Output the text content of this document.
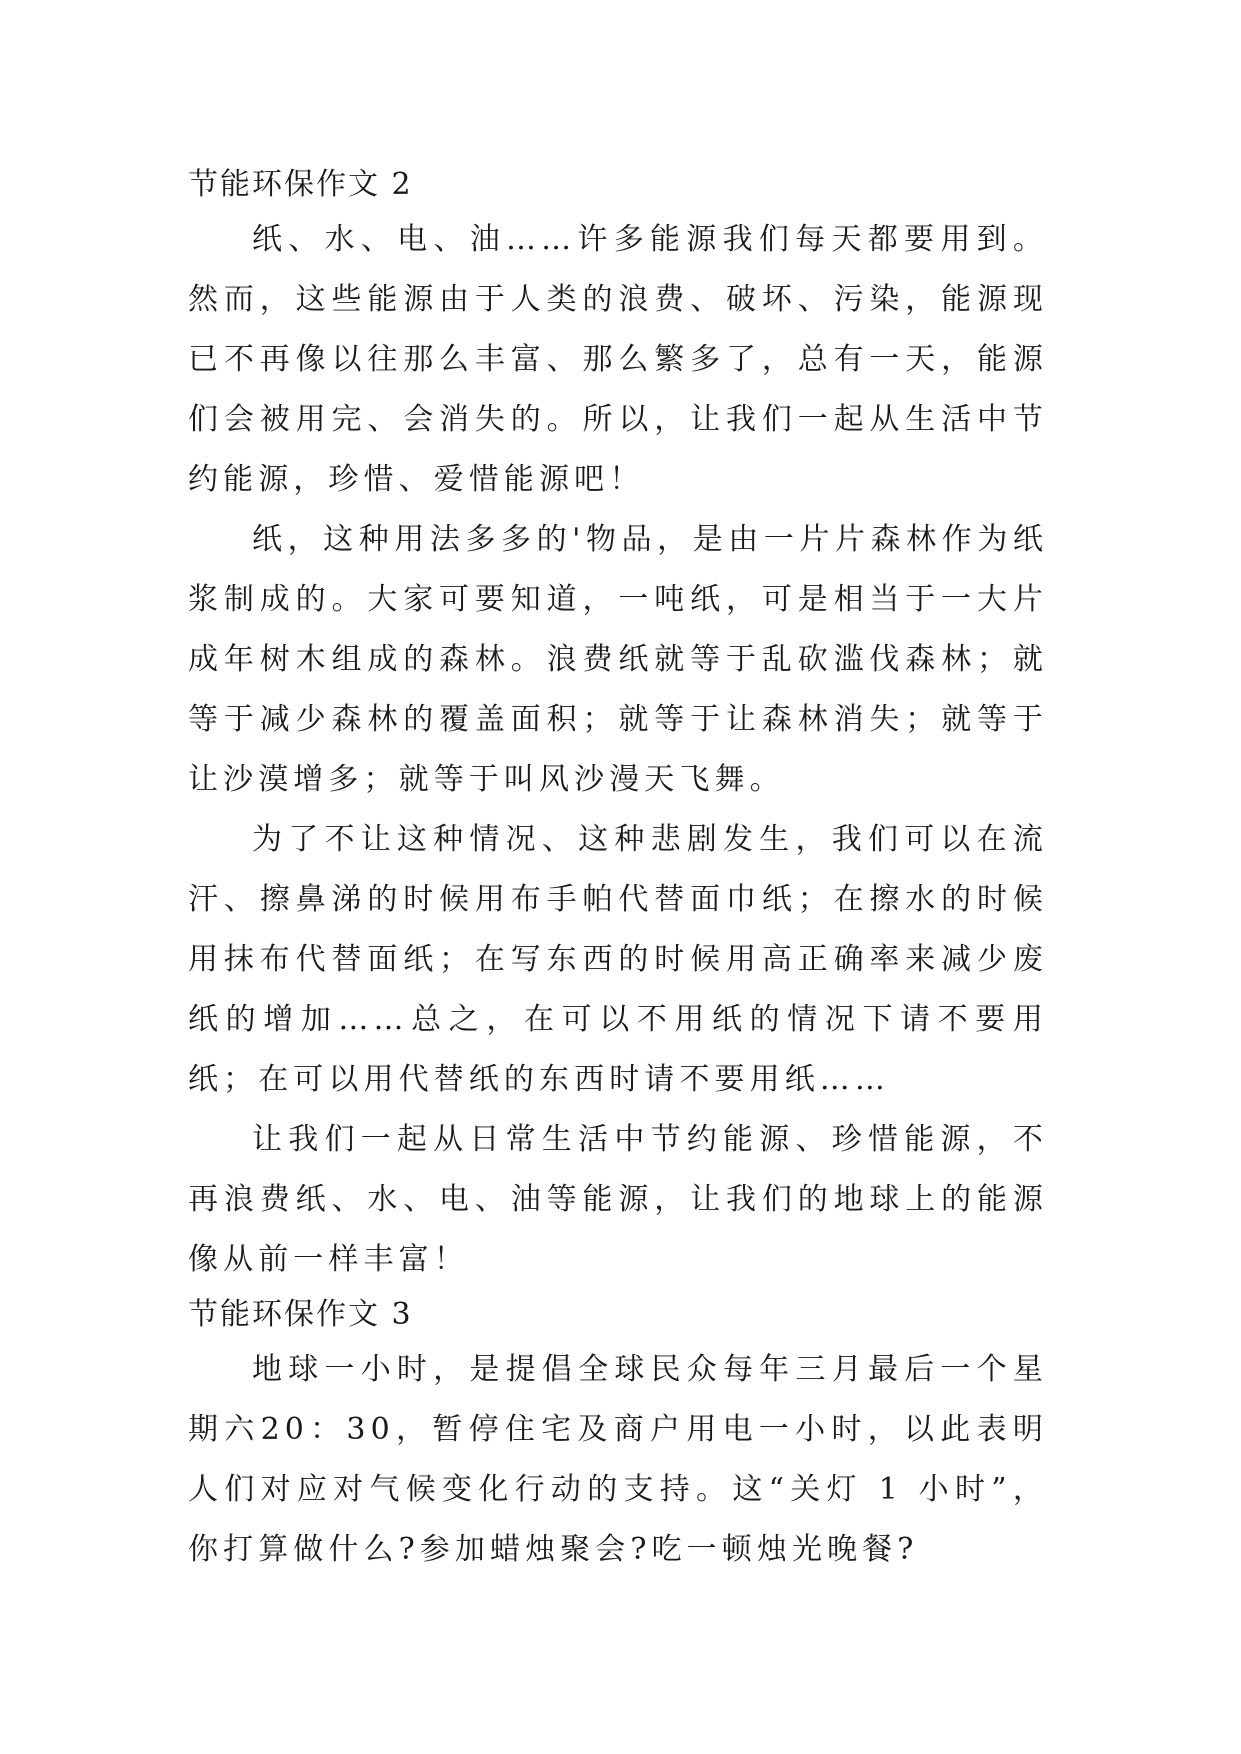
节能环保作文 2

纸、水、电、油……许多能源我们每天都要用到。然而，这些能源由于人类的浪费、破坏、污染，能源现已不再像以往那么丰富、那么繁多了，总有一天，能源们会被用完、会消失的。所以，让我们一起从生活中节约能源，珍惜、爱惜能源吧！

纸，这种用法多多的'物品，是由一片片森林作为纸浆制成的。大家可要知道，一吨纸，可是相当于一大片成年树木组成的森林。浪费纸就等于乱砍滥伐森林；就等于减少森林的覆盖面积；就等于让森林消失；就等于让沙漠增多；就等于叫风沙漫天飞舞。

为了不让这种情况、这种悲剧发生，我们可以在流汗、擦鼻涕的时候用布手帕代替面巾纸；在擦水的时候用抹布代替面纸；在写东西的时候用高正确率来减少废纸的增加……总之，在可以不用纸的情况下请不要用纸；在可以用代替纸的东西时请不要用纸……

让我们一起从日常生活中节约能源、珍惜能源，不再浪费纸、水、电、油等能源，让我们的地球上的能源像从前一样丰富！

节能环保作文 3

地球一小时，是提倡全球民众每年三月最后一个星期六20：30，暂停住宅及商户用电一小时，以此表明人们对应对气候变化行动的支持。这“关灯 1 小时”，你打算做什么?参加蜡烛聚会?吃一顿烛光晚餐?
